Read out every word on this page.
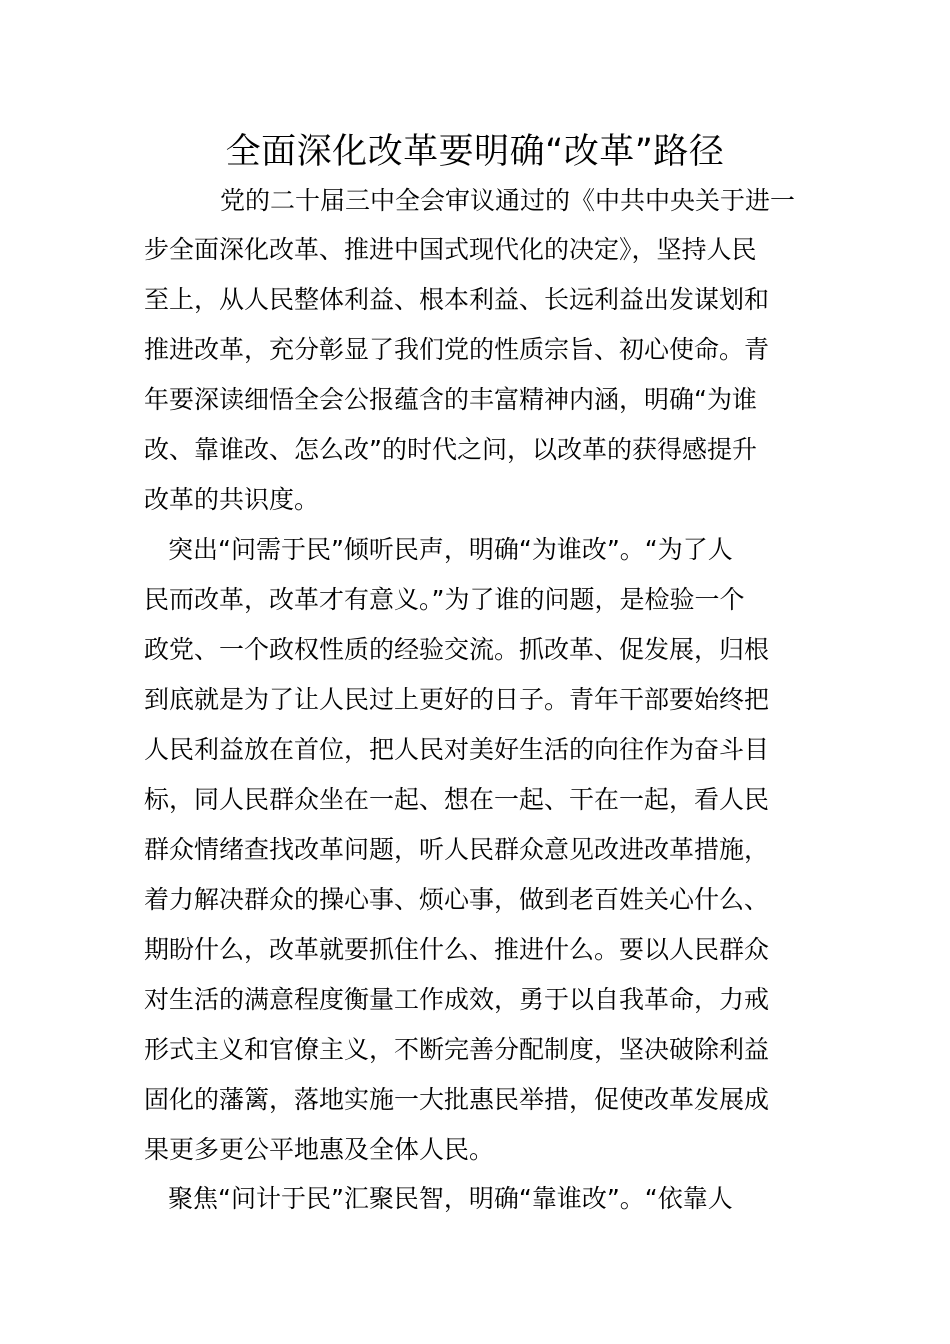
全面深化改革要明确“改革”路径

党的二十届三中全会审议通过的《中共中央关于进一

步全面深化改革、推进中国式现代化的决定》，坚持人民

至上，从人民整体利益、根本利益、长远利益出发谋划和

推进改革，充分彰显了我们党的性质宗旨、初心使命。青

年要深读细悟全会公报蕴含的丰富精神内涵，明确“为谁

改、靠谁改、怎么改”的时代之问，以改革的获得感提升

改革的共识度。

突出“问需于民”倾听民声，明确“为谁改”。“为了人

民而改革，改革才有意义。”为了谁的问题，是检验一个

政党、一个政权性质的经验交流。抓改革、促发展，归根

到底就是为了让人民过上更好的日子。青年干部要始终把

人民利益放在首位，把人民对美好生活的向往作为奋斗目

标，同人民群众坐在一起、想在一起、干在一起，看人民

群众情绪查找改革问题，听人民群众意见改进改革措施，

着力解决群众的操心事、烦心事，做到老百姓关心什么、

期盼什么，改革就要抓住什么、推进什么。要以人民群众

对生活的满意程度衡量工作成效，勇于以自我革命，力戒

形式主义和官僚主义，不断完善分配制度，坚决破除利益

固化的藩篱，落地实施一大批惠民举措，促使改革发展成

果更多更公平地惠及全体人民。

聚焦“问计于民”汇聚民智，明确“靠谁改”。“依靠人
